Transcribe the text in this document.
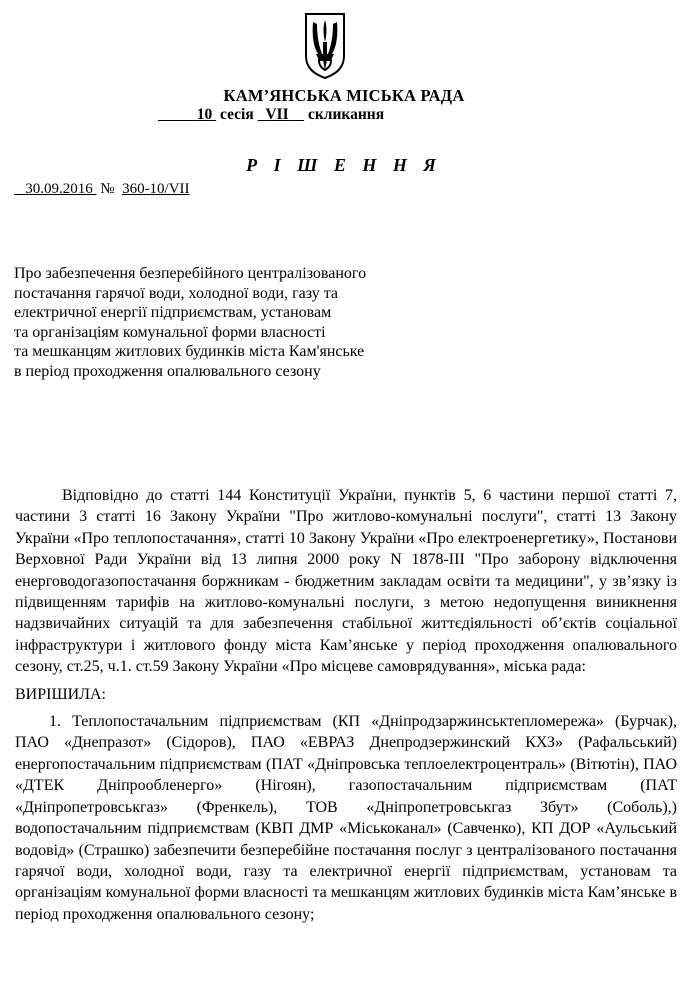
КАМ’ЯНСЬКА МІСЬКА РАДА
10 сесія VII скликання
Р І Ш Е Н Н Я
30.09.2016 № 360-10/VII
Про забезпечення безперебійного централізованого
постачання гарячої води, холодної води, газу та
електричної енергії підприємствам, установам
та організаціям комунальної форми власності
та мешканцям житлових будинків міста Кам'янське
в період проходження опалювального сезону

Відповідно до статті 144 Конституції України, пунктів 5, 6 частини першої статті 7, частини 3 статті 16 Закону України "Про житлово-комунальні послуги", статті 13 Закону України «Про теплопостачання», статті 10 Закону України «Про електроенергетику», Постанови Верховної Ради України від 13 липня 2000 року N 1878-ІІІ "Про заборону відключення енерговодогазопостачання боржникам - бюджетним закладам освіти та медицини", у зв’язку із підвищенням тарифів на житлово-комунальні послуги, з метою недопущення виникнення надзвичайних ситуацій та для забезпечення стабільної життєдіяльності об’єктів соціальної інфраструктури і житлового фонду міста Кам’янське у період проходження опалювального сезону, ст.25, ч.1. ст.59 Закону України «Про місцеве самоврядування», міська рада:

ВИРІШИЛА:

1. Теплопостачальним підприємствам (КП «Дніпродзаржинськтепломережа» (Бурчак), ПАО «Днепразот» (Сідоров), ПАО «ЕВРАЗ Днепродзержинский КХЗ» (Рафальський) енергопостачальним підприємствам (ПАТ «Дніпровська теплоелектроцентраль» (Вітютін), ПАО «ДТЕК Дніпрообленерго» (Нігоян), газопостачальним підприємствам (ПАТ «Дніпропетровськгаз» (Френкель), ТОВ «Дніпропетровськгаз Збут» (Соболь),) водопостачальним підприємствам (КВП ДМР «Міськоканал» (Савченко), КП ДОР «Аульський водовід» (Страшко) забезпечити безперебійне постачання послуг з централізованого постачання гарячої води, холодної води, газу та електричної енергії підприємствам, установам та організаціям комунальної форми власності та мешканцям житлових будинків міста Кам’янське в період проходження опалювального сезону;
